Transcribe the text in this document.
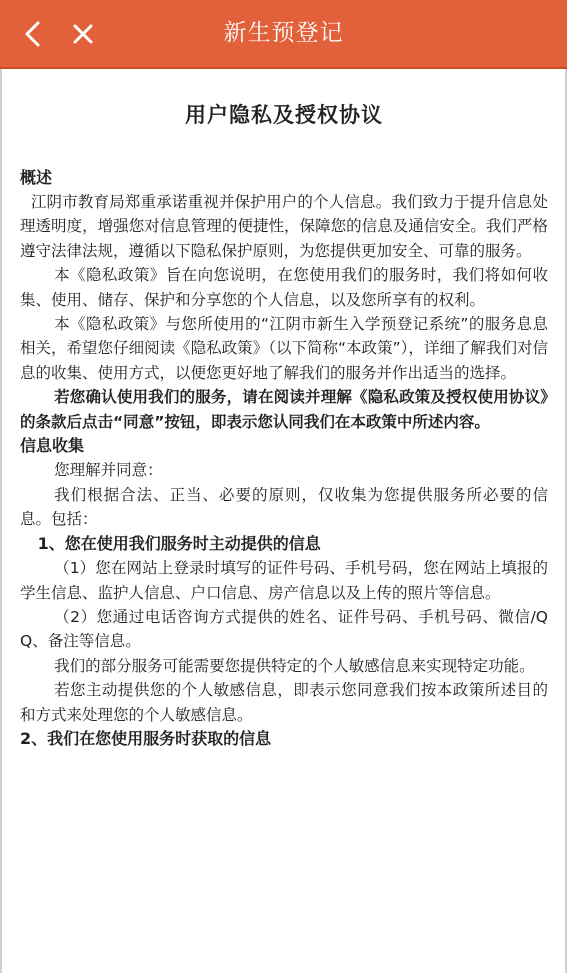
新生预登记
用户隐私及授权协议
概述

江阴市教育局郑重承诺重视并保护用户的个人信息。我们致力于提升信息处理透明度，增强您对信息管理的便捷性，保障您的信息及通信安全。我们严格遵守法律法规，遵循以下隐私保护原则，为您提供更加安全、可靠的服务。

本《隐私政策》旨在向您说明，在您使用我们的服务时，我们将如何收集、使用、储存、保护和分享您的个人信息，以及您所享有的权利。

本《隐私政策》与您所使用的“江阴市新生入学预登记系统”的服务息息相关，希望您仔细阅读《隐私政策》（以下简称“本政策”），详细了解我们对信息的收集、使用方式，以便您更好地了解我们的服务并作出适当的选择。

若您确认使用我们的服务，请在阅读并理解《隐私政策及授权使用协议》的条款后点击“同意”按钮，即表示您认同我们在本政策中所述内容。

信息收集

您理解并同意：

我们根据合法、正当、必要的原则，仅收集为您提供服务所必要的信息。包括：

1、您在使用我们服务时主动提供的信息

（1）您在网站上登录时填写的证件号码、手机号码，您在网站上填报的学生信息、监护人信息、户口信息、房产信息以及上传的照片等信息。

（2）您通过电话咨询方式提供的姓名、证件号码、手机号码、微信/QQ、备注等信息。

我们的部分服务可能需要您提供特定的个人敏感信息来实现特定功能。

若您主动提供您的个人敏感信息，即表示您同意我们按本政策所述目的和方式来处理您的个人敏感信息。

2、我们在您使用服务时获取的信息
